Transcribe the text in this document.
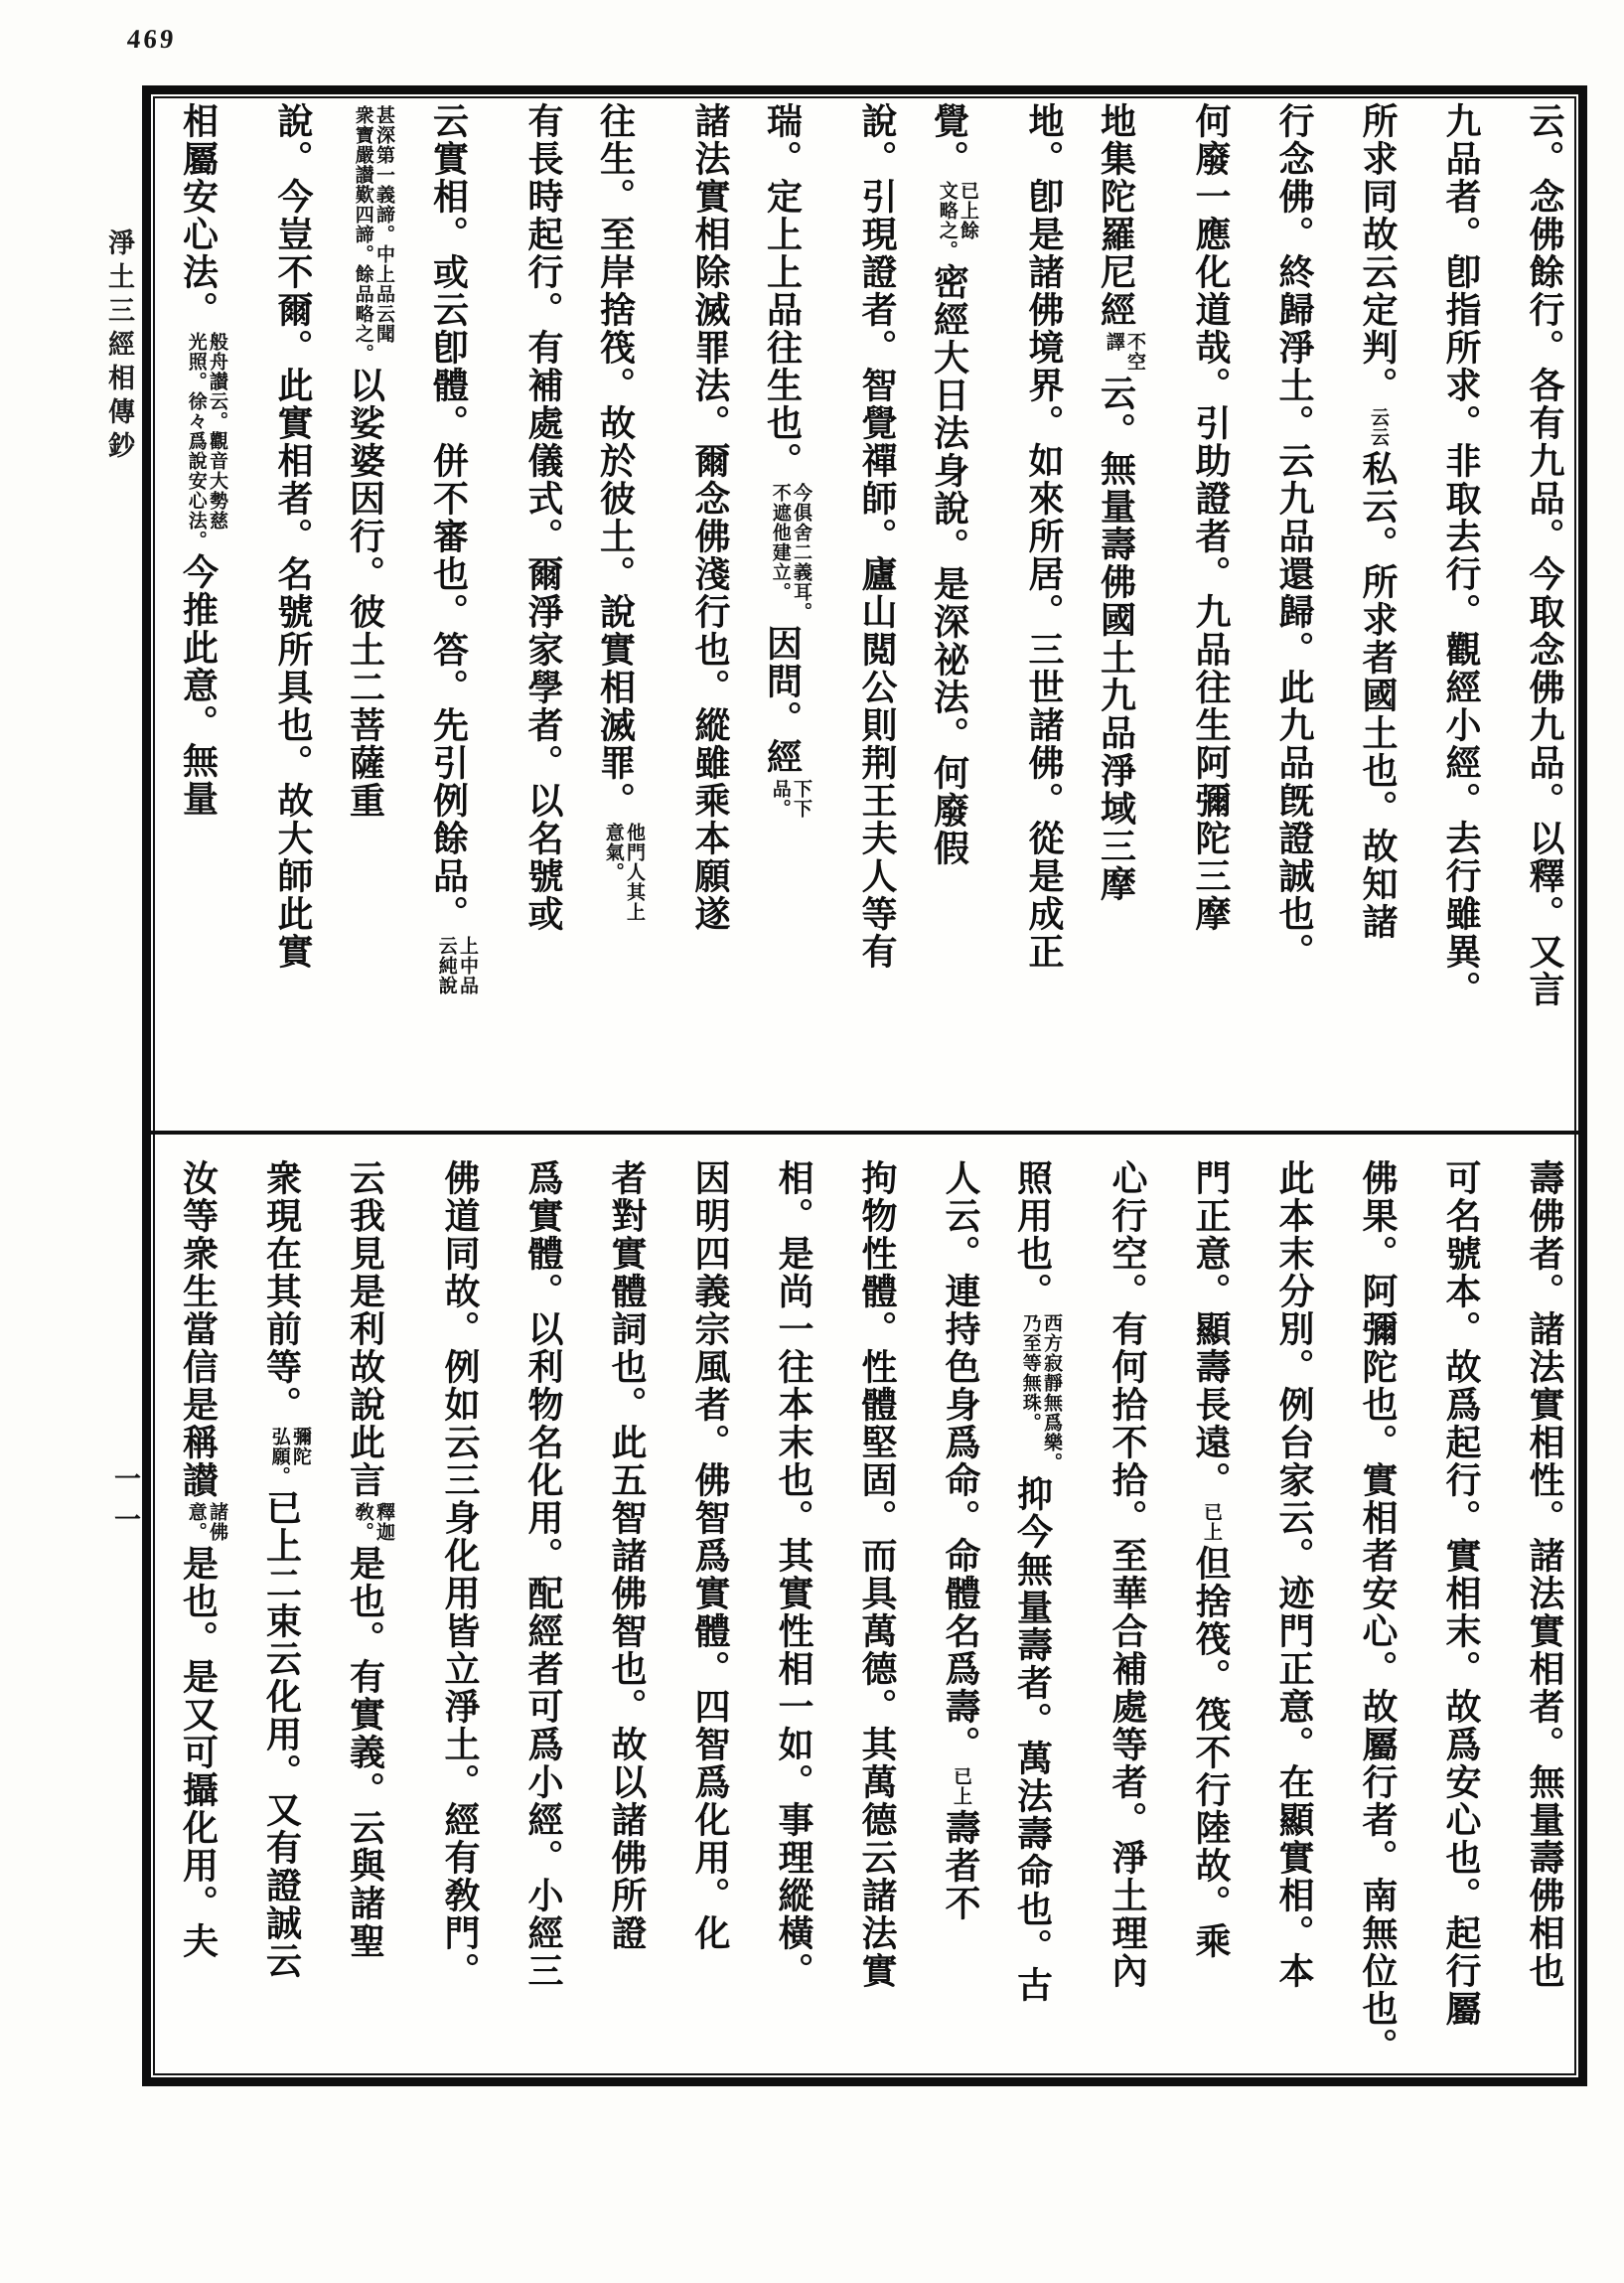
469
淨土三經相傳鈔
一一
云。念佛餘行。各有九品。今取念佛九品。以釋。又言
九品者。卽指所求。非取去行。觀經小經。去行雖異。
所求同故云定判。云云私云。所求者國土也。故知諸
行念佛。終歸淨土。云九品還歸。此九品旣證誠也。
何廢一應化道哉。引助證者。九品往生阿彌陀三摩
地集陀羅尼經
不空
譯
云。無量壽佛國土九品淨域三摩
地。卽是諸佛境界。如來所居。三世諸佛。從是成正
覺。
已上餘
文略之。
密經大日法身說。是深祕法。何廢假
說。引現證者。智覺禪師。廬山閲公則荆王夫人等有
瑞。定上上品往生也。
今俱舍二義耳。
不遮他建立。
因問。經
下下
品。
諸法實相除滅罪法。爾念佛淺行也。縱雖乘本願遂
往生。至岸捨筏。故於彼土。說實相滅罪。
他門人其上
意氣。
有長時起行。有補處儀式。爾淨家學者。以名號或
云實相。或云卽體。併不審也。答。先引例餘品。
上中品
云純說
甚深第一義諦。中上品云聞
衆寶嚴讃歎四諦。餘品略之。
以娑婆因行。彼土二菩薩重
說。今豈不爾。此實相者。名號所具也。故大師此實
相屬安心法。
般舟讃云。觀音大勢慈
光照。徐々爲說安心法。
今推此意。無量
壽佛者。諸法實相性。諸法實相者。無量壽佛相也
可名號本。故爲起行。實相末。故爲安心也。起行屬
佛果。阿彌陀也。實相者安心。故屬行者。南無位也。
此本末分別。例台家云。迹門正意。在顯實相。本
門正意。顯壽長遠。已上但捨筏。筏不行陸故。乘
心行空。有何拾不拾。至華合補處等者。淨土理內
照用也。
西方寂靜無爲樂。
乃至等無珠。
抑今無量壽者。萬法壽命也。古
人云。連持色身爲命。命體名爲壽。已上壽者不
拘物性體。性體堅固。而具萬德。其萬德云諸法實
相。是尚一往本末也。其實性相一如。事理縱橫。
因明四義宗風者。佛智爲實體。四智爲化用。化
者對實體詞也。此五智諸佛智也。故以諸佛所證
爲實體。以利物名化用。配經者可爲小經。小經三
佛道同故。例如云三身化用皆立淨土。經有敎門。
云我見是利故說此言
釋迦
敎。
是也。有實義。云與諸聖
衆現在其前等。
彌陀
弘願。
已上二束云化用。又有證誠云
汝等衆生當信是稱讃
諸佛
意。
是也。是又可攝化用。夫
